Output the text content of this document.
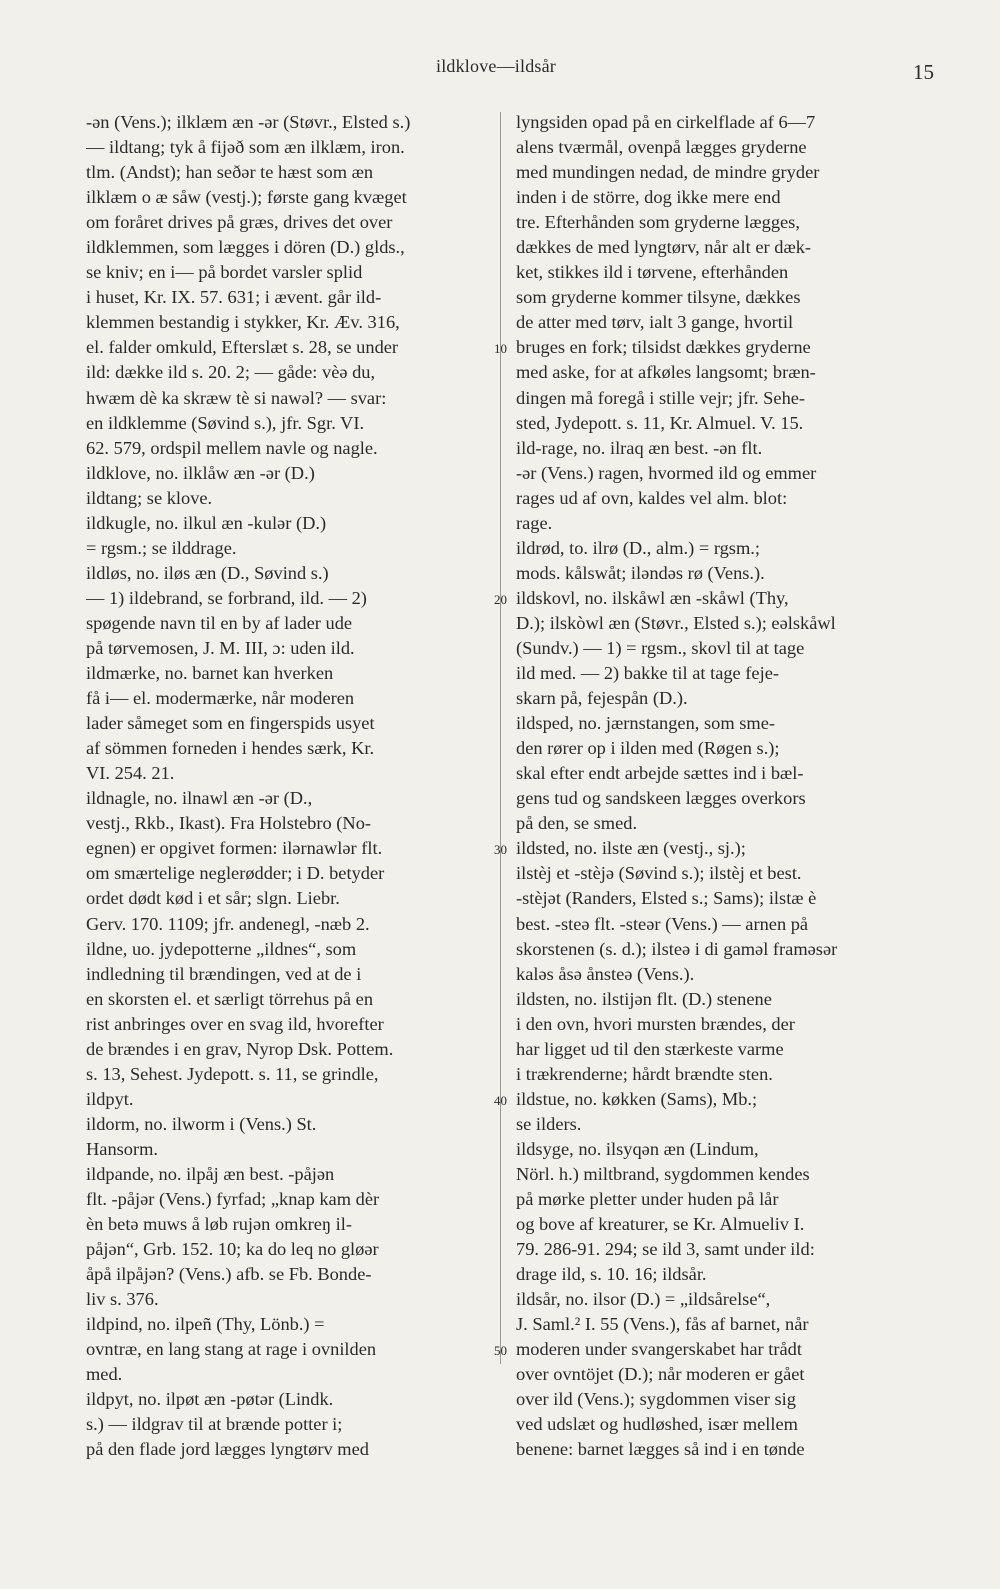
ildklove—ildsår	15
-ən (Vens.); ilklæm æn -ər (Støvr., Elsted s.)
— ildtang; tyk å fijəð som æn ilklæm, iron.
tlm. (Andst); han seðər te hæst som æn
ilklæm o æ såw (vestj.); første gang kvæget
om foråret drives på græs, drives det over
ildklemmen, som lægges i dören (D.) glds.,
se kniv; en i— på bordet varsler splid
i huset, Kr. IX. 57. 631; i ævent. går ild-
klemmen bestandig i stykker, Kr. Æv. 316,
el. falder omkuld, Efterslæt s. 28, se under
ild: dække ild s. 20. 2; — gåde: vèə du,
hwæm dè ka skræw tè si nawəl? — svar:
en ildklemme (Søvind s.), jfr. Sgr. VI.
62. 579, ordspil mellem navle og nagle.
ildklove, no. ilklåw æn -ər (D.)
ildtang; se klove.
ildkugle, no. ilkul æn -kulər (D.)
= rgsm.; se ilddrage.
ildløs, no. iløs æn (D., Søvind s.)
— 1) ildebrand, se forbrand, ild. — 2)
spøgende navn til en by af lader ude
på tørvemosen, J. M. III, ɔ: uden ild.
ildmærke, no. barnet kan hverken
få i— el. modermærke, når moderen
lader såmeget som en fingerspids usyet
af sömmen forneden i hendes særk, Kr.
VI. 254. 21.
ildnagle, no. ilnawl æn -ər (D.,
vestj., Rkb., Ikast). Fra Holstebro (No-
egnen) er opgivet formen: ilərnawlər flt.
om smærtelige neglerødder; i D. betyder
ordet dødt kød i et sår; slgn. Liebr.
Gerv. 170. 1109; jfr. andenegl, -næb 2.
ildne, uo. jydepotterne „ildnes“, som
indledning til brændingen, ved at de i
en skorsten el. et særligt törrehus på en
rist anbringes over en svag ild, hvorefter
de brændes i en grav, Nyrop Dsk. Pottem.
s. 13, Sehest. Jydepott. s. 11, se grindle,
ildpyt.
ildorm, no. ilworm i (Vens.) St.
Hansorm.
ildpande, no. ilpåj æn best. -påjən
flt. -påjər (Vens.) fyrfad; „knap kam dèr
èn betə muws å løb rujən omkreŋ il-
påjən“, Grb. 152. 10; ka do leq no gløər
åpå ilpåjən? (Vens.) afb. se Fb. Bonde-
liv s. 376.
ildpind, no. ilpeñ (Thy, Lönb.) =
ovntræ, en lang stang at rage i ovnilden
med.
ildpyt, no. ilpøt æn -pøtər (Lindk.
s.) — ildgrav til at brænde potter i;
på den flade jord lægges lyngtørv med
lyngsiden opad på en cirkelflade af 6—7
alens tværmål, ovenpå lægges gryderne
med mundingen nedad, de mindre gryder
inden i de större, dog ikke mere end
tre. Efterhånden som gryderne lægges,
dækkes de med lyngtørv, når alt er dæk-
ket, stikkes ild i tørvene, efterhånden
som gryderne kommer tilsyne, dækkes
de atter med tørv, ialt 3 gange, hvortil
bruges en fork; tilsidst dækkes gryderne
med aske, for at afkøles langsomt; bræn-
dingen må foregå i stille vejr; jfr. Sehe-
sted, Jydepott. s. 11, Kr. Almuel. V. 15.
ild-rage, no. ilraq æn best. -ən flt.
-ər (Vens.) ragen, hvormed ild og emmer
rages ud af ovn, kaldes vel alm. blot:
rage.
ildrød, to. ilrø (D., alm.) = rgsm.;
mods. kålswåt; iləndəs rø (Vens.).
ildskovl, no. ilskåwl æn -skåwl (Thy,
D.); ilskòwl æn (Støvr., Elsted s.); eəlskåwl
(Sundv.) — 1) = rgsm., skovl til at tage
ild med. — 2) bakke til at tage feje-
skarn på, fejespån (D.).
ildsped, no. jærnstangen, som sme-
den rører op i ilden med (Røgen s.);
skal efter endt arbejde sættes ind i bæl-
gens tud og sandskeen lægges overkors
på den, se smed.
ildsted, no. ilste æn (vestj., sj.);
ilstèj et -stèjə (Søvind s.); ilstèj et best.
-stèjət (Randers, Elsted s.; Sams); ilstæ è
best. -steə flt. -steər (Vens.) — arnen på
skorstenen (s. d.); ilsteə i di gaməl framəsər
kaləs åsə ånsteə (Vens.).
ildsten, no. ilstijən flt. (D.) stenene
i den ovn, hvori mursten brændes, der
har ligget ud til den stærkeste varme
i trækrenderne; hårdt brændte sten.
ildstue, no. køkken (Sams), Mb.;
se ilders.
ildsyge, no. ilsyqən æn (Lindum,
Nörl. h.) miltbrand, sygdommen kendes
på mørke pletter under huden på lår
og bove af kreaturer, se Kr. Almueliv I.
79. 286-91. 294; se ild 3, samt under ild:
drage ild, s. 10. 16; ildsår.
ildsår, no. ilsor (D.) = „ildsårelse“,
J. Saml.² I. 55 (Vens.), fås af barnet, når
moderen under svangerskabet har trådt
over ovntöjet (D.); når moderen er gået
over ild (Vens.); sygdommen viser sig
ved udslæt og hudløshed, især mellem
benene: barnet lægges så ind i en tønde
10
20
30
40
50
